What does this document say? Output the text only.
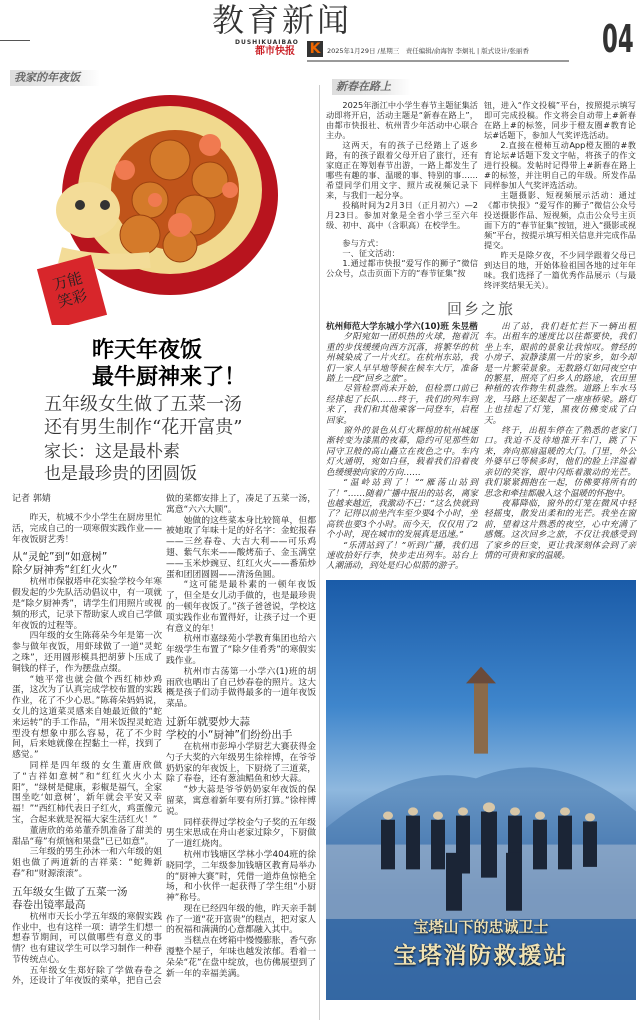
教育新闻
DUSHIKUAIBAO
都市快报 K	2025年1月29日 /星期三　责任编辑/俞海智 李炯礼 | 版式设计/张丽香 04
我家的年夜饭
万能笑彩
昨天年夜饭
最牛厨神来了！
五年级女生做了五菜一汤
还有男生制作“花开富贵”
家长：这是最朴素
也是最珍贵的团圆饭
记者 郭婧

昨天，杭城不少小学生在厨房里忙活，完成自己的一项寒假实践作业——年夜饭厨艺秀！

从“灵蛇”到“如意树”
除夕厨神秀“红红火火”

杭州市保俶塔申花实验学校今年寒假发起的少先队活动倡议中，有一项就是“除夕厨神秀”，请学生们用照片或视频的形式，记录下帮助家人或自己学做年夜饭的过程等。

四年级的女生陈蒋朵今年是第一次参与做年夜饭，用虾球做了一道“灵蛇之珠”，还用圆形模具把胡萝卜压成了铜钱的样子，作为摆盘点缀。

“她平常也就会做个西红柿炒鸡蛋，这次为了认真完成学校布置的实践作业，花了不少心思。”陈蒋朵妈妈说，女儿的这道菜灵感来自她最近做的“蛇来运转”的手工作品，“用米饭捏灵蛇造型没有想象中那么容易，花了不少时间，后来她就像在捏黏土一样，找到了感觉。”

同样是四年级的女生董唐欣做了“吉祥如意树”和“红红火火小太阳”，“绿树是健康，彩椒是福气，全家围坐吃‘如意树’，新年就会平安又幸福！”“西红柿代表日子红火，鸡蛋像元宝，合起来就是祝福大家生活红火！”

董唐欣的弟弟董乔凯准备了甜美的甜品“莓”有烦恼和果盘“已已如意”。

三年级的男生孙沐一和六年级的姐姐也做了两道新的吉祥菜：“蛇舞新春”和“财源滚滚”。

五年级女生做了五菜一汤
春卷出镜率最高

杭州市天长小学五年级的寒假实践作业中，也有这样一项：请学生们想一想春节期间，可以做哪些有意义的事情？也有建议学生可以学习制作一种春节传统点心。

五年级女生郑好除了学做春卷之外，还设计了年夜饭的菜单，把自己会

做的菜都安排上了，凑足了五菜一汤，寓意“六六大顺”。

她做的这些菜本身比较简单，但都被她取了年味十足的好名字：金蛇报春——三丝春卷、大吉大利——可乐鸡翅、紫气东来——酸烤茄子、金玉满堂——玉米炒豌豆、红红火火——番茄炒蛋和团团圆圆——清汤鱼圆。

“这可能是最朴素的一顿年夜饭了，但全是女儿动手做的，也是最珍贵的一顿年夜饭了。”孩子爸爸说，学校这项实践作业布置得好，让孩子过一个更有意义的年！

杭州市嘉绿苑小学教育集团也给六年级学生布置了“除夕佳肴秀”的寒假实践作业。

杭州市古荡第一小学六(1)班的胡雨欣也晒出了自己炒春卷的照片。这大概是孩子们动手做得最多的一道年夜饭菜品。

过新年就要炒大蒜
学校的小“厨神”们纷纷出手

在杭州市彭埠小学厨艺大赛获得金勺子大奖的六年级男生徐梓博，在爷爷奶奶家的年夜饭上，下厨烧了三道菜，除了春卷，还有葱油鲳鱼和炒大蒜。

“炒大蒜是爷爷奶奶家年夜饭的保留菜，寓意着新年要有所打算。”徐梓博说。

同样获得过学校金勺子奖的五年级男生宋思成在舟山老家过除夕，下厨做了一道红烧肉。

杭州市钱塘区学林小学404班的徐晓同学，二年级参加钱塘区教育局举办的“厨神大赛”时，凭借一道炸鱼惊艳全场，和小伙伴一起获得了学生组“小厨神”称号。

现在已经四年级的他，昨天亲手制作了一道“花开富贵”的糕点，把对家人的祝福和满满的心意都融入其中。

当糕点在烤箱中慢慢膨胀，香气弥漫整个屋子，年味也越发浓郁。看着一朵朵“花”在盘中绽放，也仿佛展望到了新一年的幸福美满。

新春在路上

2025年浙江中小学生春节主题征集活动即将开启，活动主题是“新春在路上”，由都市快报社、杭州青少年活动中心联合主办。

这两天，有的孩子已经踏上了返乡路，有的孩子跟着父母开启了旅行，还有家庭正在筹划春节出游，一路上都发生了哪些有趣的事、温暖的事、特别的事……希望同学们用文字、照片或视频记录下来，与我们一起分享。

投稿时间为2月3日（正月初六）—2月23日。参加对象是全省小学三至六年级、初中、高中（含职高）在校学生。

参与方式：

一、征文活动：

1.通过都市快报“爱写作的狮子”微信公众号，点击页面下方的“春节征集”按

钮，进入“作文投稿”平台，按照提示填写即可完成投稿。作文将会自动带上#新春在路上#的标签，同步于橙友圈#教育论坛#话题下，参加人气奖评选活动。

2.直接在橙柿互动App橙友圈的#教育论坛#话题下发文字帖，将孩子的作文进行投稿。发帖时记得带上#新春在路上#的标签，并注明自己的年级。所发作品同样参加人气奖评选活动。

主题摄影、短视频展示活动：通过《都市快报》“爱写作的狮子”微信公众号投送摄影作品、短视频，点击公众号主页面下方的“春节征集”按钮，进入“摄影或视频”平台，按提示填写相关信息并完成作品提交。

昨天是除夕夜，不少同学跟着父母已到达目的地，开始体验祖国各地的过年年味。我们选择了一篇优秀作品展示（与最终评奖结果无关）。

回乡之旅
杭州师范大学东城小学六(10)班 朱昱楷

夕阳宛如一团炽热的火球，拖着沉重的步伐缓缓向西方沉落，将繁华的杭州城染成了一片火红。在杭州东站，我们一家人早早地等候在候车大厅，准备踏上一段“回乡之旅”。

尽管检票尚未开始，但检票口前已经排起了长队……终于，我们的列车到来了，我们和其他乘客一同登车，启程回家。

窗外的景色从灯火辉煌的杭州城逐渐转变为漆黑的夜幕，隐约可见那些如同守卫般的高山矗立在夜色之中。车内灯火通明，宛如白昼，载着我们沿着夜色缓缓驶向家的方向……

“温岭站到了！”“雁荡山站到了！”……随着广播中报出的站名，离家也越来越近，我激动不已：“这么快就到了？记得以前坐汽车至少要4个小时，坐高铁也要3个小时。而今天，仅仅用了2个小时，现在城市的发展真是迅速。”

“乐清站到了！”听到广播，我们迅速收拾好行李，快步走出列车。站台上人潮涌动，到处是归心似箭的游子。

出了站，我们赶忙拦下一辆出租车。出租车的速度比以往都要快，我们坐上车，眼前的景象让我惊叹。曾经的小房子、寂静漆黑一片的家乡，如今却是一片繁荣景象。无数路灯如同夜空中的繁星，照亮了归乡人的路途，农田里种植的农作物生机盎然。道路上车水马龙，马路上还架起了一座座桥梁。路灯上也挂起了灯笼，黑夜仿佛变成了白天。

终于，出租车停在了熟悉的老家门口。我迫不及待地推开车门，跳了下来，奔向那扇温暖的大门。门里，外公外婆早已等候多时，他们的脸上洋溢着亲切的笑容，眼中闪烁着激动的光芒。我们紧紧拥抱在一起，仿佛要将所有的思念和牵挂都融入这个温暖的怀抱中。

夜幕降临，窗外的灯笼在微风中轻轻摇曳，散发出柔和的光芒。我坐在窗前，望着这片熟悉的夜空，心中充满了感慨。这次回乡之旅，不仅让我感受到了家乡的巨变，更让我深刻体会到了亲情的可贵和家的温暖。

宝塔山下的忠诚卫士
宝塔消防救援站
